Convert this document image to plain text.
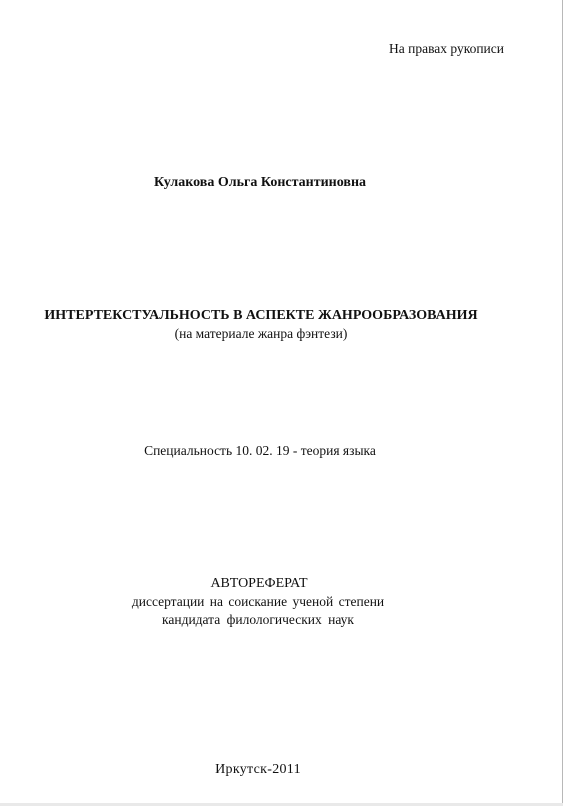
На правах рукописи
Кулакова Ольга Константиновна
ИНТЕРТЕКСТУАЛЬНОСТЬ В АСПЕКТЕ ЖАНРООБРАЗОВАНИЯ
(на материале жанра фэнтези)
Специальность 10. 02. 19 - теория языка
АВТОРЕФЕРАТ
диссертации на соискание ученой степени
кандидата филологических наук
Иркутск-2011
